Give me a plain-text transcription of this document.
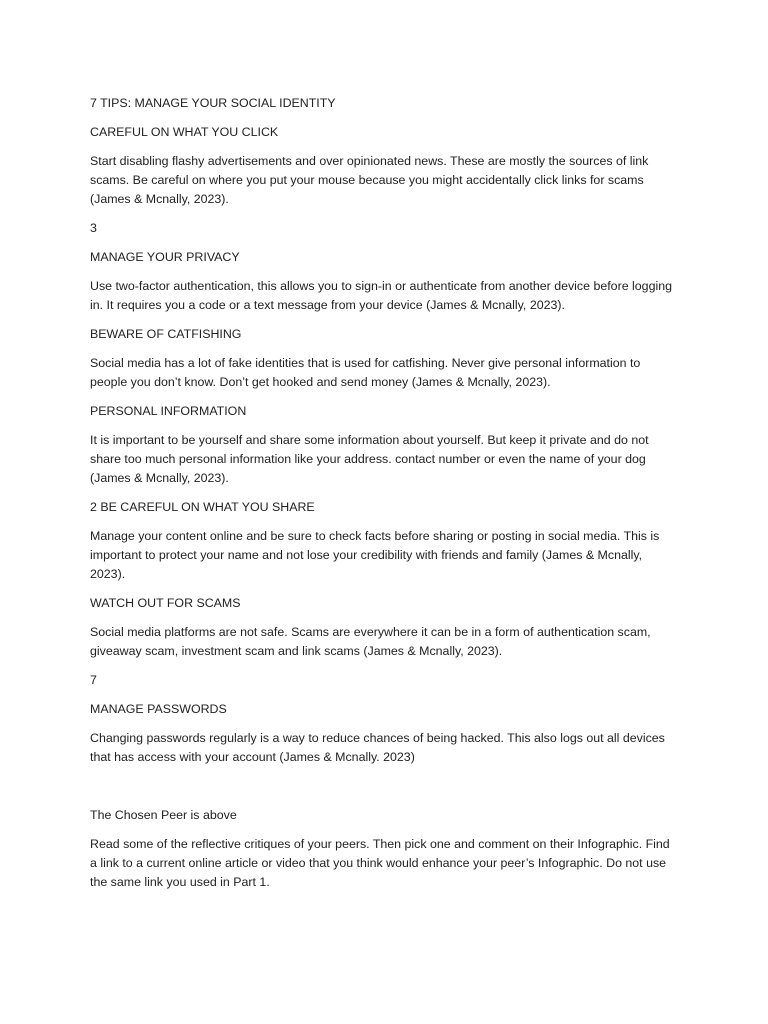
7 TIPS: MANAGE YOUR SOCIAL IDENTITY

CAREFUL ON WHAT YOU CLICK

Start disabling flashy advertisements and over opinionated news. These are mostly the sources of link scams. Be careful on where you put your mouse because you might accidentally click links for scams (James & Mcnally, 2023).

3

MANAGE YOUR PRIVACY

Use two-factor authentication, this allows you to sign-in or authenticate from another device before logging in. It requires you a code or a text message from your device (James & Mcnally, 2023).

BEWARE OF CATFISHING

Social media has a lot of fake identities that is used for catfishing. Never give personal information to people you don’t know. Don’t get hooked and send money (James & Mcnally, 2023).

PERSONAL INFORMATION

It is important to be yourself and share some information about yourself. But keep it private and do not share too much personal information like your address. contact number or even the name of your dog (James & Mcnally, 2023).

2 BE CAREFUL ON WHAT YOU SHARE

Manage your content online and be sure to check facts before sharing or posting in social media. This is important to protect your name and not lose your credibility with friends and family (James & Mcnally, 2023).

WATCH OUT FOR SCAMS

Social media platforms are not safe. Scams are everywhere it can be in a form of authentication scam, giveaway scam, investment scam and link scams (James & Mcnally, 2023).

7

MANAGE PASSWORDS

Changing passwords regularly is a way to reduce chances of being hacked. This also logs out all devices that has access with your account (James & Mcnally. 2023)

The Chosen Peer is above

Read some of the reflective critiques of your peers. Then pick one and comment on their Infographic. Find a link to a current online article or video that you think would enhance your peer’s Infographic. Do not use the same link you used in Part 1.
